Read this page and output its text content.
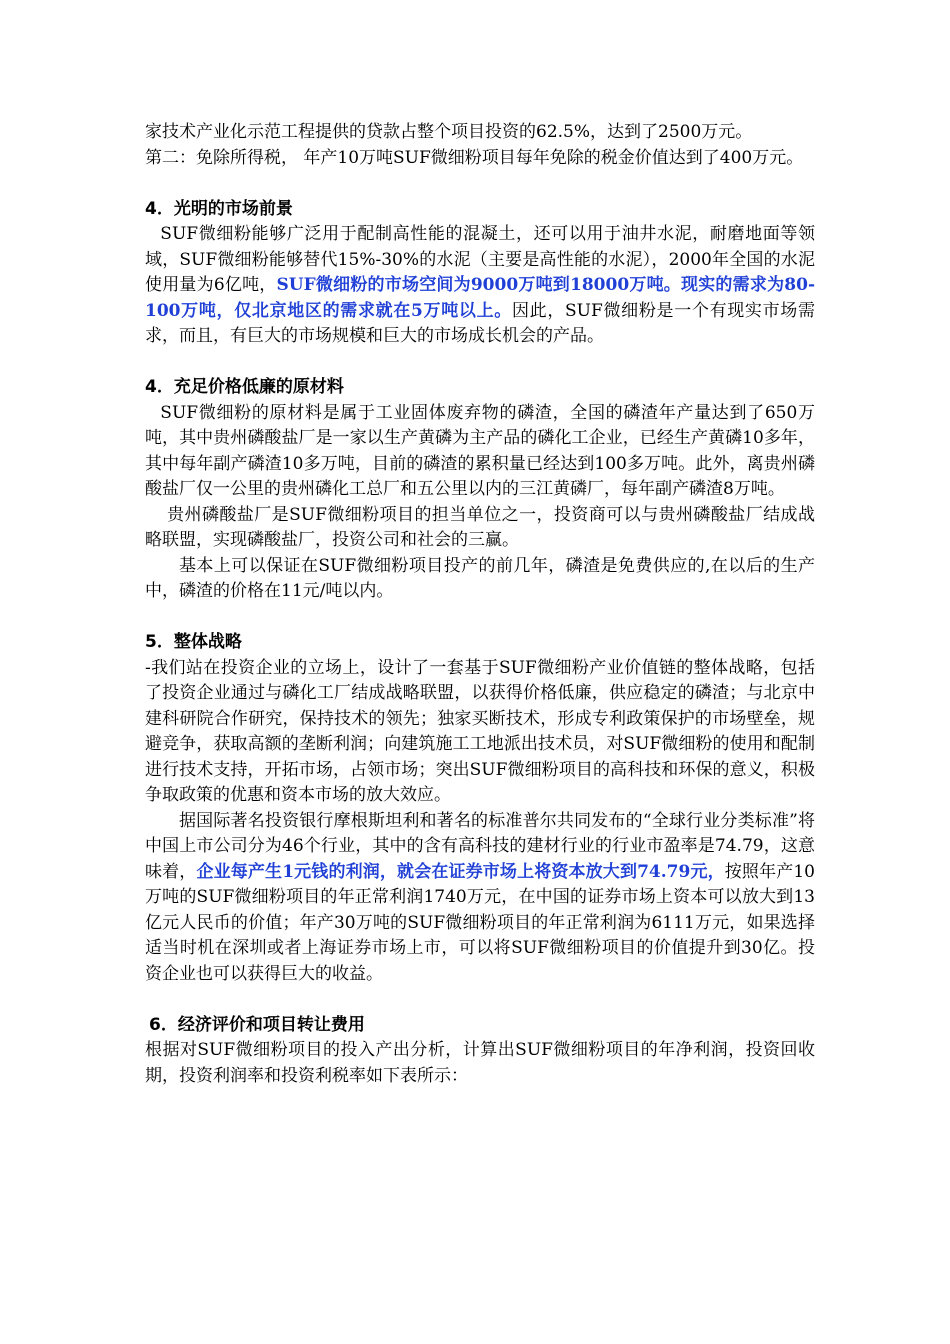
家技术产业化示范工程提供的贷款占整个项目投资的62.5%，达到了2500万元。

第二：免除所得税， 年产10万吨SUF微细粉项目每年免除的税金价值达到了400万元。

4．光明的市场前景

SUF微细粉能够广泛用于配制高性能的混凝土，还可以用于油井水泥，耐磨地面等领域，SUF微细粉能够替代15%-30%的水泥（主要是高性能的水泥），2000年全国的水泥使用量为6亿吨，SUF微细粉的市场空间为9000万吨到18000万吨。现实的需求为80-100万吨，仅北京地区的需求就在5万吨以上。因此，SUF微细粉是一个有现实市场需求，而且，有巨大的市场规模和巨大的市场成长机会的产品。

4．充足价格低廉的原材料

SUF微细粉的原材料是属于工业固体废弃物的磷渣，全国的磷渣年产量达到了650万吨，其中贵州磷酸盐厂是一家以生产黄磷为主产品的磷化工企业，已经生产黄磷10多年，其中每年副产磷渣10多万吨，目前的磷渣的累积量已经达到100多万吨。此外，离贵州磷酸盐厂仅一公里的贵州磷化工总厂和五公里以内的三江黄磷厂，每年副产磷渣8万吨。

贵州磷酸盐厂是SUF微细粉项目的担当单位之一，投资商可以与贵州磷酸盐厂结成战略联盟，实现磷酸盐厂，投资公司和社会的三赢。

基本上可以保证在SUF微细粉项目投产的前几年，磷渣是免费供应的,在以后的生产中，磷渣的价格在11元/吨以内。

5．整体战略

-我们站在投资企业的立场上，设计了一套基于SUF微细粉产业价值链的整体战略，包括了投资企业通过与磷化工厂结成战略联盟，以获得价格低廉，供应稳定的磷渣；与北京中建科研院合作研究，保持技术的领先；独家买断技术，形成专利政策保护的市场壁垒，规避竞争，获取高额的垄断利润；向建筑施工工地派出技术员，对SUF微细粉的使用和配制进行技术支持，开拓市场，占领市场；突出SUF微细粉项目的高科技和环保的意义，积极争取政策的优惠和资本市场的放大效应。

据国际著名投资银行摩根斯坦利和著名的标准普尔共同发布的“全球行业分类标准”将中国上市公司分为46个行业，其中的含有高科技的建材行业的行业市盈率是74.79，这意味着，企业每产生1元钱的利润，就会在证券市场上将资本放大到74.79元，按照年产10万吨的SUF微细粉项目的年正常利润1740万元，在中国的证券市场上资本可以放大到13亿元人民币的价值；年产30万吨的SUF微细粉项目的年正常利润为6111万元，如果选择适当时机在深圳或者上海证券市场上市，可以将SUF微细粉项目的价值提升到30亿。投资企业也可以获得巨大的收益。

6．经济评价和项目转让费用

根据对SUF微细粉项目的投入产出分析，计算出SUF微细粉项目的年净利润，投资回收期，投资利润率和投资利税率如下表所示：
